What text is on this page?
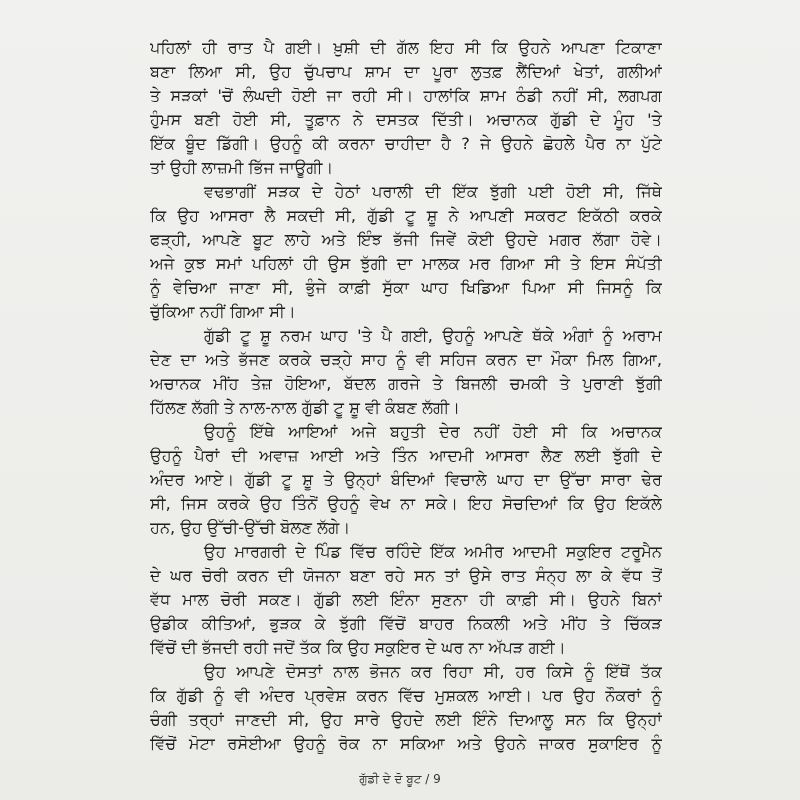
ਪਹਿਲਾਂ ਹੀ ਰਾਤ ਪੈ ਗਈ। ਖ਼ੁਸ਼ੀ ਦੀ ਗੱਲ ਇਹ ਸੀ ਕਿ ਉਹਨੇ ਆਪਣਾ ਟਿਕਾਣਾ
ਬਣਾ ਲਿਆ ਸੀ, ਉਹ ਚੁੱਪਚਾਪ ਸ਼ਾਮ ਦਾ ਪੂਰਾ ਲੁਤਫ਼ ਲੈਂਦਿਆਂ ਖੇਤਾਂ, ਗਲੀਆਂ
ਤੇ ਸੜਕਾਂ 'ਚੋਂ ਲੰਘਦੀ ਹੋਈ ਜਾ ਰਹੀ ਸੀ। ਹਾਲਾਂਕਿ ਸ਼ਾਮ ਠੰਡੀ ਨਹੀਂ ਸੀ, ਲਗਪਗ
ਹੁੰਮਸ ਬਣੀ ਹੋਈ ਸੀ, ਤੂਫ਼ਾਨ ਨੇ ਦਸਤਕ ਦਿੱਤੀ। ਅਚਾਨਕ ਗੁੱਡੀ ਦੇ ਮੂੰਹ 'ਤੇ
ਇੱਕ ਬੂੰਦ ਡਿੱਗੀ। ਉਹਨੂੰ ਕੀ ਕਰਨਾ ਚਾਹੀਦਾ ਹੈ ? ਜੇ ਉਹਨੇ ਛੋਹਲੇ ਪੈਰ ਨਾ ਪੁੱਟੇ
ਤਾਂ ਉਹੀ ਲਾਜ਼ਮੀ ਭਿੱਜ ਜਾਊਗੀ।
ਵਢਭਾਗੀਂ ਸੜਕ ਦੇ ਹੇਠਾਂ ਪਰਾਲੀ ਦੀ ਇੱਕ ਝੁੱਗੀ ਪਈ ਹੋਈ ਸੀ, ਜਿੱਥੇ
ਕਿ ਉਹ ਆਸਰਾ ਲੈ ਸਕਦੀ ਸੀ, ਗੁੱਡੀ ਟੂ ਸ਼ੂ ਨੇ ਆਪਣੀ ਸਕਰਟ ਇਕੱਠੀ ਕਰਕੇ
ਫੜ੍ਹੀ, ਆਪਣੇ ਬੂਟ ਲਾਹੇ ਅਤੇ ਇੰਝ ਭੱਜੀ ਜਿਵੇਂ ਕੋਈ ਉਹਦੇ ਮਗਰ ਲੱਗਾ ਹੋਵੇ।
ਅਜੇ ਕੁਝ ਸਮਾਂ ਪਹਿਲਾਂ ਹੀ ਉਸ ਝੁੱਗੀ ਦਾ ਮਾਲਕ ਮਰ ਗਿਆ ਸੀ ਤੇ ਇਸ ਸੰਪੱਤੀ
ਨੂੰ ਵੇਚਿਆ ਜਾਣਾ ਸੀ, ਭੁੰਜੇ ਕਾਫ਼ੀ ਸੁੱਕਾ ਘਾਹ ਖਿਡਿਆ ਪਿਆ ਸੀ ਜਿਸਨੂੰ ਕਿ
ਚੁੱਕਿਆ ਨਹੀਂ ਗਿਆ ਸੀ।
ਗੁੱਡੀ ਟੂ ਸ਼ੂ ਨਰਮ ਘਾਹ 'ਤੇ ਪੈ ਗਈ, ਉਹਨੂੰ ਆਪਣੇ ਥੱਕੇ ਅੰਗਾਂ ਨੂੰ ਅਰਾਮ
ਦੇਣ ਦਾ ਅਤੇ ਭੱਜਣ ਕਰਕੇ ਚੜ੍ਹੇ ਸਾਹ ਨੂੰ ਵੀ ਸਹਿਜ ਕਰਨ ਦਾ ਮੌਕਾ ਮਿਲ ਗਿਆ,
ਅਚਾਨਕ ਮੀਂਹ ਤੇਜ਼ ਹੋਇਆ, ਬੱਦਲ ਗਰਜੇ ਤੇ ਬਿਜਲੀ ਚਮਕੀ ਤੇ ਪੁਰਾਣੀ ਝੁੱਗੀ
ਹਿੱਲਣ ਲੱਗੀ ਤੇ ਨਾਲ-ਨਾਲ ਗੁੱਡੀ ਟੂ ਸ਼ੂ ਵੀ ਕੰਬਣ ਲੱਗੀ।
ਉਹਨੂੰ ਇੱਥੇ ਆਇਆਂ ਅਜੇ ਬਹੁਤੀ ਦੇਰ ਨਹੀਂ ਹੋਈ ਸੀ ਕਿ ਅਚਾਨਕ
ਉਹਨੂੰ ਪੈਰਾਂ ਦੀ ਅਵਾਜ਼ ਆਈ ਅਤੇ ਤਿੰਨ ਆਦਮੀ ਆਸਰਾ ਲੈਣ ਲਈ ਝੁੱਗੀ ਦੇ
ਅੰਦਰ ਆਏ। ਗੁੱਡੀ ਟੂ ਸ਼ੂ ਤੇ ਉਨ੍ਹਾਂ ਬੰਦਿਆਂ ਵਿਚਾਲੇ ਘਾਹ ਦਾ ਉੱਚਾ ਸਾਰਾ ਢੇਰ
ਸੀ, ਜਿਸ ਕਰਕੇ ਉਹ ਤਿੰਨੋਂ ਉਹਨੂੰ ਵੇਖ ਨਾ ਸਕੇ। ਇਹ ਸੋਚਦਿਆਂ ਕਿ ਉਹ ਇਕੱਲੇ
ਹਨ, ਉਹ ਉੱਚੀ-ਉੱਚੀ ਬੋਲਣ ਲੱਗੇ।
ਉਹ ਮਾਰਗਰੀ ਦੇ ਪਿੰਡ ਵਿੱਚ ਰਹਿੰਦੇ ਇੱਕ ਅਮੀਰ ਆਦਮੀ ਸਕੁਇਰ ਟਰੂਮੈਨ
ਦੇ ਘਰ ਚੋਰੀ ਕਰਨ ਦੀ ਯੋਜਨਾ ਬਣਾ ਰਹੇ ਸਨ ਤਾਂ ਉਸੇ ਰਾਤ ਸੰਨ੍ਹ ਲਾ ਕੇ ਵੱਧ ਤੋਂ
ਵੱਧ ਮਾਲ ਚੋਰੀ ਸਕਣ। ਗੁੱਡੀ ਲਈ ਇੰਨਾ ਸੁਣਨਾ ਹੀ ਕਾਫ਼ੀ ਸੀ। ਉਹਨੇ ਬਿਨਾਂ
ਉਡੀਕ ਕੀਤਿਆਂ, ਭੁੜਕ ਕੇ ਝੁੱਗੀ ਵਿੱਚੋਂ ਬਾਹਰ ਨਿਕਲੀ ਅਤੇ ਮੀਂਹ ਤੇ ਚਿੱਕੜ
ਵਿੱਚੋਂ ਦੀ ਭੱਜਦੀ ਰਹੀ ਜਦੋਂ ਤੱਕ ਕਿ ਉਹ ਸਕੁਇਰ ਦੇ ਘਰ ਨਾ ਅੱਪੜ ਗਈ।
ਉਹ ਆਪਣੇ ਦੋਸਤਾਂ ਨਾਲ ਭੋਜਨ ਕਰ ਰਿਹਾ ਸੀ, ਹਰ ਕਿਸੇ ਨੂੰ ਇੱਥੋਂ ਤੱਕ
ਕਿ ਗੁੱਡੀ ਨੂੰ ਵੀ ਅੰਦਰ ਪ੍ਰਵੇਸ਼ ਕਰਨ ਵਿੱਚ ਮੁਸ਼ਕਲ ਆਈ। ਪਰ ਉਹ ਨੌਕਰਾਂ ਨੂੰ
ਚੰਗੀ ਤਰ੍ਹਾਂ ਜਾਣਦੀ ਸੀ, ਉਹ ਸਾਰੇ ਉਹਦੇ ਲਈ ਇੰਨੇ ਦਿਆਲੂ ਸਨ ਕਿ ਉਨ੍ਹਾਂ
ਵਿੱਚੋਂ ਮੋਟਾ ਰਸੋਈਆ ਉਹਨੂੰ ਰੋਕ ਨਾ ਸਕਿਆ ਅਤੇ ਉਹਨੇ ਜਾਕਰ ਸੁਕਾਇਰ ਨੂੰ
ਗੁੱਡੀ ਦੇ ਦੋ ਬੂਟ / 9
